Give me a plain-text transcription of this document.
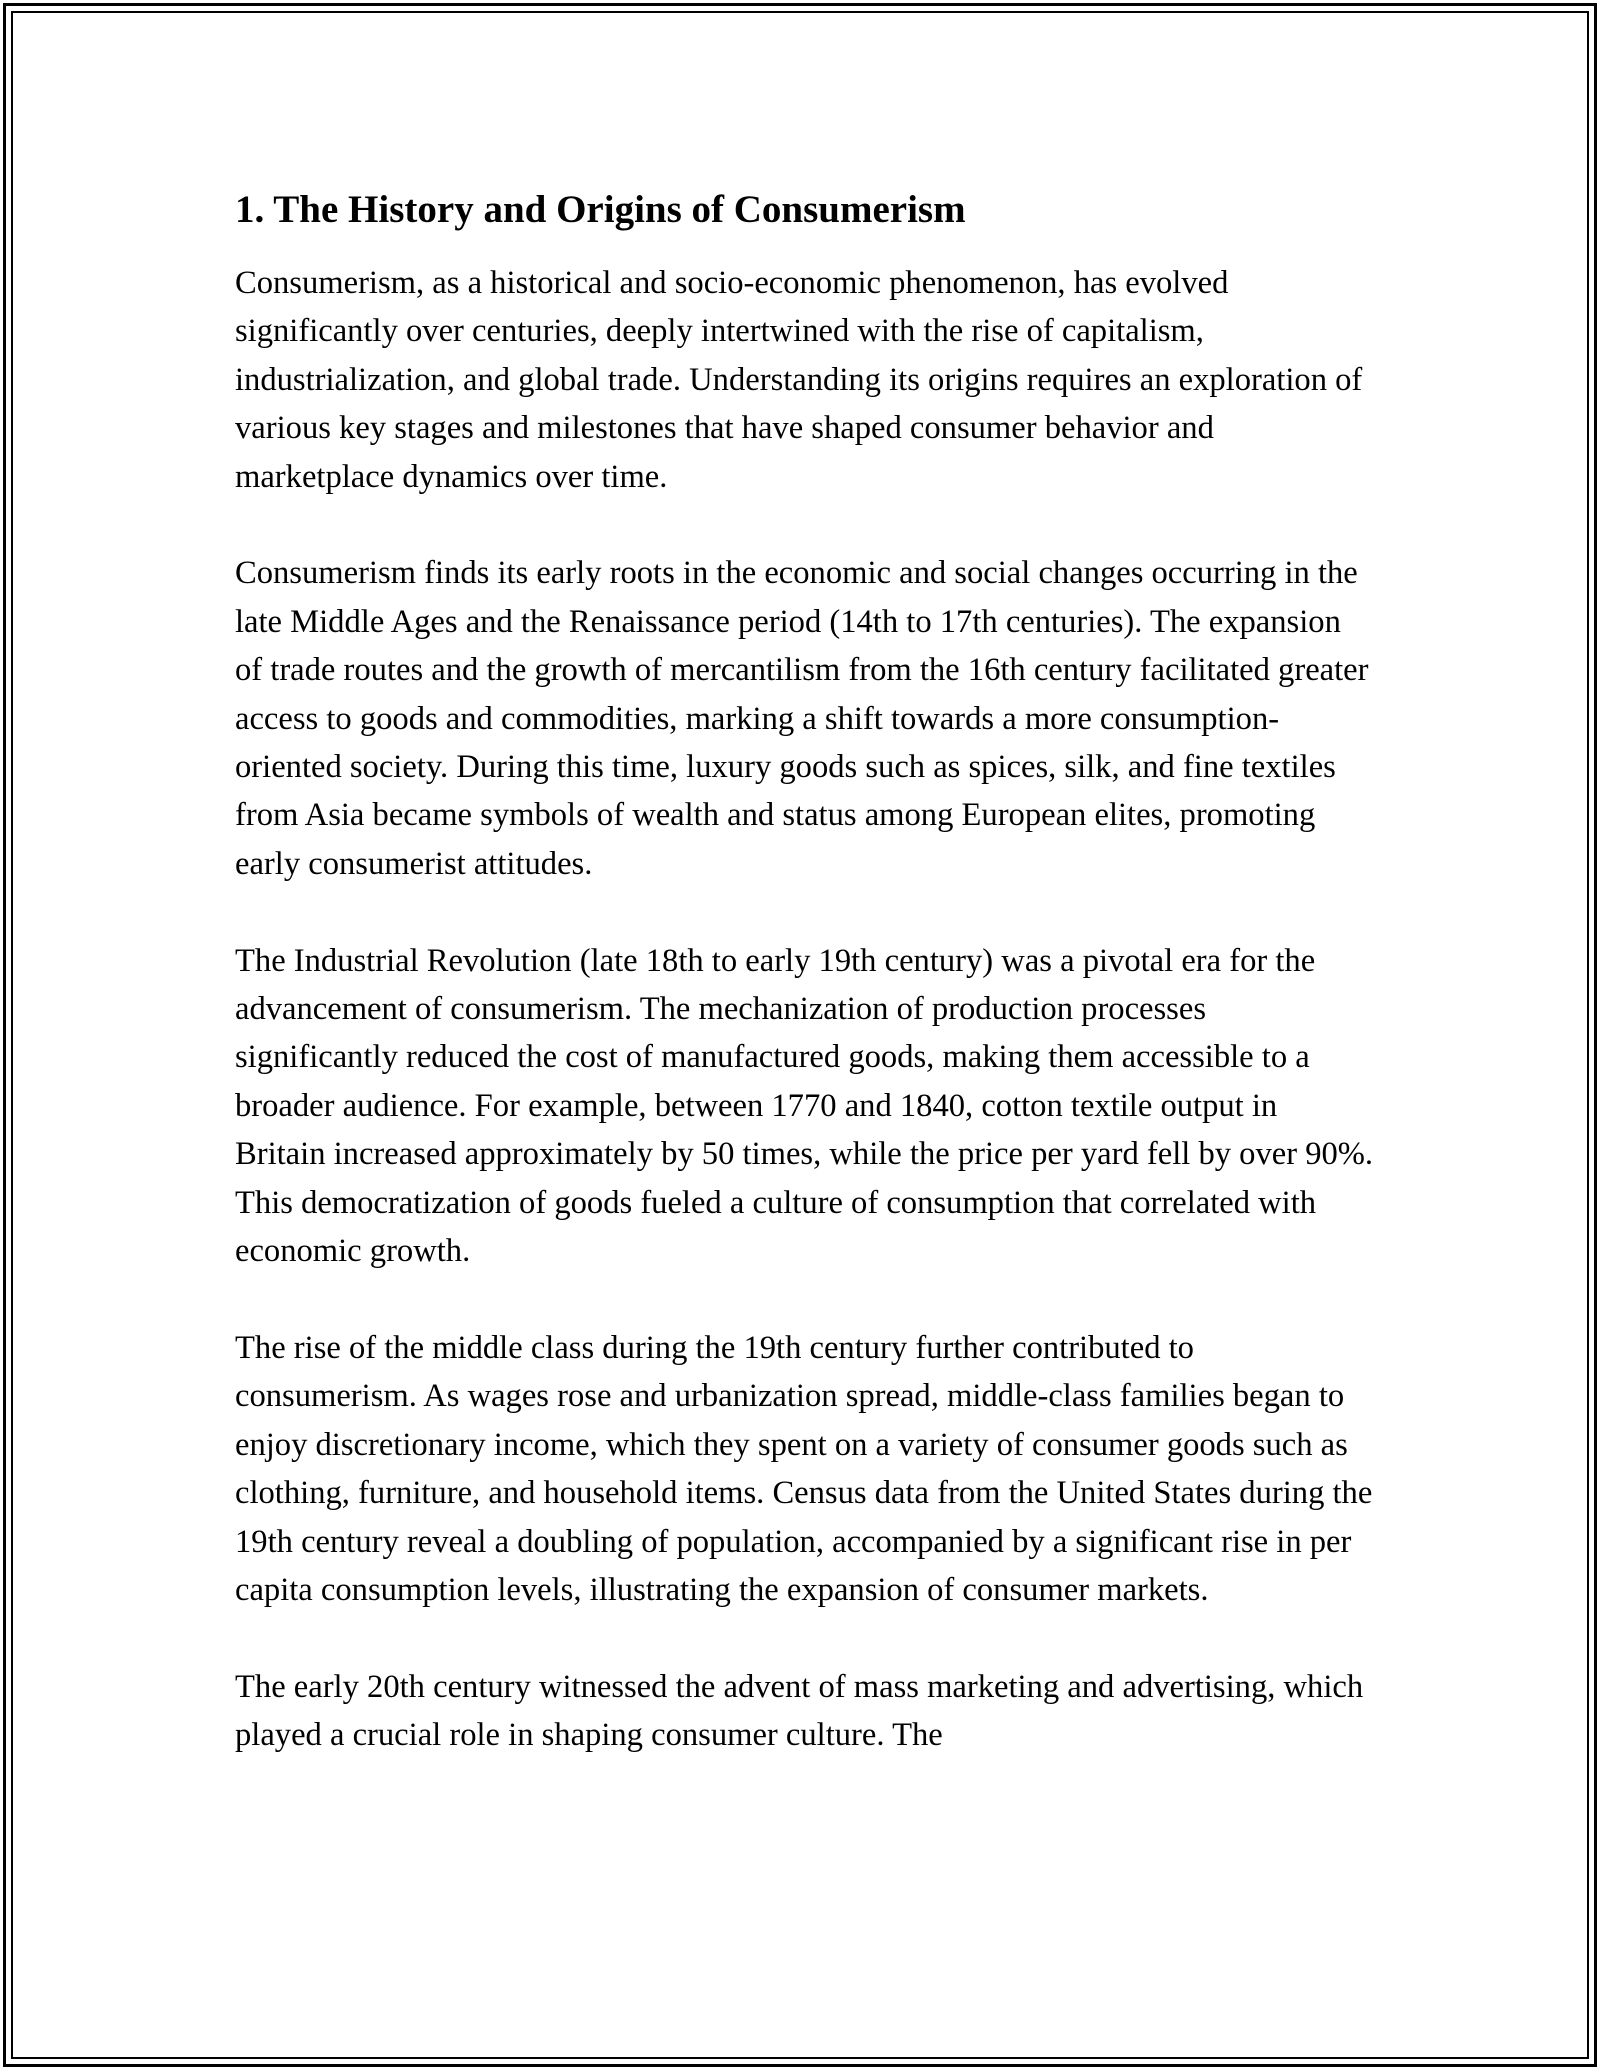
1. The History and Origins of Consumerism

Consumerism, as a historical and socio-economic phenomenon, has evolved significantly over centuries, deeply intertwined with the rise of capitalism, industrialization, and global trade. Understanding its origins requires an exploration of various key stages and milestones that have shaped consumer behavior and marketplace dynamics over time.

Consumerism finds its early roots in the economic and social changes occurring in the late Middle Ages and the Renaissance period (14th to 17th centuries). The expansion of trade routes and the growth of mercantilism from the 16th century facilitated greater access to goods and commodities, marking a shift towards a more consumption-oriented society. During this time, luxury goods such as spices, silk, and fine textiles from Asia became symbols of wealth and status among European elites, promoting early consumerist attitudes.

The Industrial Revolution (late 18th to early 19th century) was a pivotal era for the advancement of consumerism. The mechanization of production processes significantly reduced the cost of manufactured goods, making them accessible to a broader audience. For example, between 1770 and 1840, cotton textile output in Britain increased approximately by 50 times, while the price per yard fell by over 90%. This democratization of goods fueled a culture of consumption that correlated with economic growth.

The rise of the middle class during the 19th century further contributed to consumerism. As wages rose and urbanization spread, middle-class families began to enjoy discretionary income, which they spent on a variety of consumer goods such as clothing, furniture, and household items. Census data from the United States during the 19th century reveal a doubling of population, accompanied by a significant rise in per capita consumption levels, illustrating the expansion of consumer markets.

The early 20th century witnessed the advent of mass marketing and advertising, which played a crucial role in shaping consumer culture. The
